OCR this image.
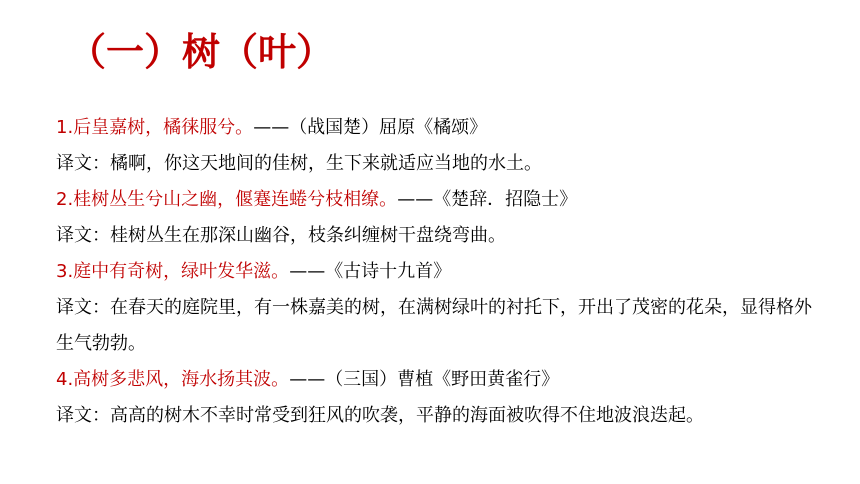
（一）树（叶）
1.后皇嘉树，橘徕服兮。——（战国楚）屈原《橘颂》
译文：橘啊，你这天地间的佳树，生下来就适应当地的水土。
2.桂树丛生兮山之幽，偃蹇连蜷兮枝相缭。——《楚辞．招隐士》
译文：桂树丛生在那深山幽谷，枝条纠缠树干盘绕弯曲。
3.庭中有奇树，绿叶发华滋。——《古诗十九首》
译文：在春天的庭院里，有一株嘉美的树，在满树绿叶的衬托下，开出了茂密的花朵，显得格外生气勃勃。
4.高树多悲风，海水扬其波。——（三国）曹植《野田黄雀行》
译文：高高的树木不幸时常受到狂风的吹袭，平静的海面被吹得不住地波浪迭起。
